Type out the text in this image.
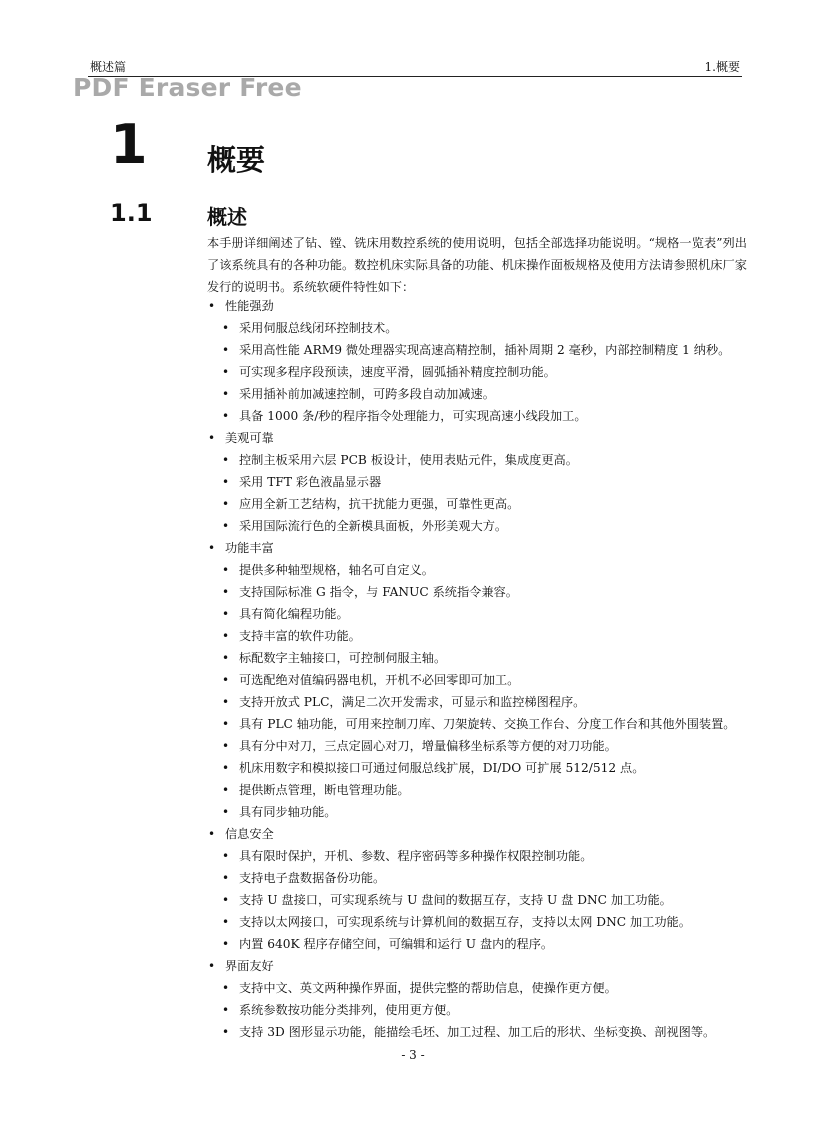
概述篇	1.概要
PDF Eraser Free
1 概要
1.1	概述
本手册详细阐述了钻、镗、铣床用数控系统的使用说明，包括全部选择功能说明。“规格一览表”列出了该系统具有的各种功能。数控机床实际具备的功能、机床操作面板规格及使用方法请参照机床厂家发行的说明书。系统软硬件特性如下：
• 性能强劲
• 采用伺服总线闭环控制技术。
• 采用高性能 ARM9 微处理器实现高速高精控制，插补周期 2 毫秒，内部控制精度 1 纳秒。
• 可实现多程序段预读，速度平滑，圆弧插补精度控制功能。
• 采用插补前加减速控制，可跨多段自动加减速。
• 具备 1000 条/秒的程序指令处理能力，可实现高速小线段加工。
• 美观可靠
• 控制主板采用六层 PCB 板设计，使用表贴元件，集成度更高。
• 采用 TFT 彩色液晶显示器
• 应用全新工艺结构，抗干扰能力更强，可靠性更高。
• 采用国际流行色的全新模具面板，外形美观大方。
• 功能丰富
• 提供多种轴型规格，轴名可自定义。
• 支持国际标准 G 指令，与 FANUC 系统指令兼容。
• 具有简化编程功能。
• 支持丰富的软件功能。
• 标配数字主轴接口，可控制伺服主轴。
• 可选配绝对值编码器电机，开机不必回零即可加工。
• 支持开放式 PLC，满足二次开发需求，可显示和监控梯图程序。
• 具有 PLC 轴功能，可用来控制刀库、刀架旋转、交换工作台、分度工作台和其他外围装置。
• 具有分中对刀，三点定圆心对刀，增量偏移坐标系等方便的对刀功能。
• 机床用数字和模拟接口可通过伺服总线扩展，DI/DO 可扩展 512/512 点。
• 提供断点管理，断电管理功能。
• 具有同步轴功能。
• 信息安全
• 具有限时保护，开机、参数、程序密码等多种操作权限控制功能。
• 支持电子盘数据备份功能。
• 支持 U 盘接口，可实现系统与 U 盘间的数据互存，支持 U 盘 DNC 加工功能。
• 支持以太网接口，可实现系统与计算机间的数据互存，支持以太网 DNC 加工功能。
• 内置 640K 程序存储空间，可编辑和运行 U 盘内的程序。
• 界面友好
• 支持中文、英文两种操作界面，提供完整的帮助信息，使操作更方便。
• 系统参数按功能分类排列，使用更方便。
• 支持 3D 图形显示功能，能描绘毛坯、加工过程、加工后的形状、坐标变换、剖视图等。
- 3 -
